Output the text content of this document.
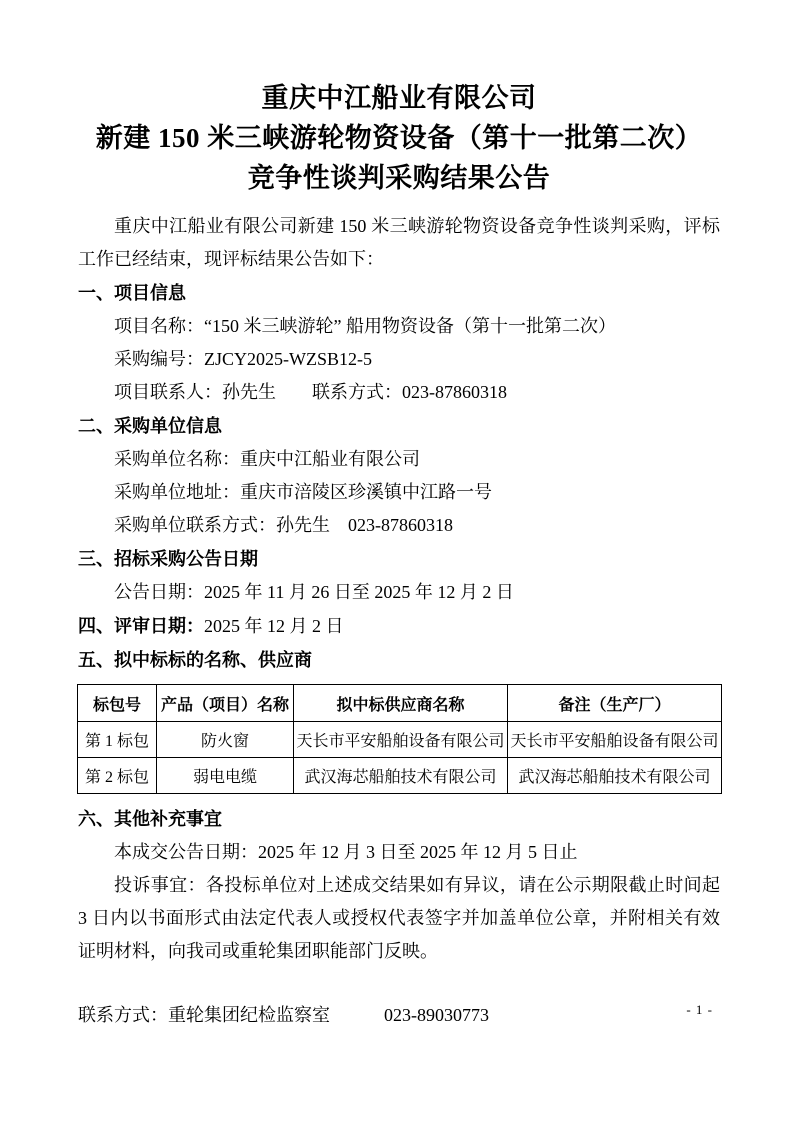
重庆中江船业有限公司
新建 150 米三峡游轮物资设备（第十一批第二次）
竞争性谈判采购结果公告

重庆中江船业有限公司新建 150 米三峡游轮物资设备竞争性谈判采购，评标工作已经结束，现评标结果公告如下：

一、项目信息
项目名称：“150 米三峡游轮” 船用物资设备（第十一批第二次）
采购编号：ZJCY2025-WZSB12-5
项目联系人：孙先生　　联系方式：023-87860318
二、采购单位信息
采购单位名称：重庆中江船业有限公司
采购单位地址：重庆市涪陵区珍溪镇中江路一号
采购单位联系方式：孙先生　023-87860318
三、招标采购公告日期
公告日期：2025 年 11 月 26 日至 2025 年 12 月 2 日
四、评审日期：2025 年 12 月 2 日
五、拟中标标的名称、供应商
标包号	产品（项目）名称	拟中标供应商名称	备注（生产厂）
第 1 标包	防火窗	天长市平安船舶设备有限公司	天长市平安船舶设备有限公司
第 2 标包	弱电电缆	武汉海芯船舶技术有限公司	武汉海芯船舶技术有限公司
六、其他补充事宜
本成交公告日期：2025 年 12 月 3 日至 2025 年 12 月 5 日止

投诉事宜：各投标单位对上述成交结果如有异议，请在公示期限截止时间起 3 日内以书面形式由法定代表人或授权代表签字并加盖单位公章，并附相关有效证明材料，向我司或重轮集团职能部门反映。

联系方式：重轮集团纪检监察室　　　023-89030773	- 1 -
